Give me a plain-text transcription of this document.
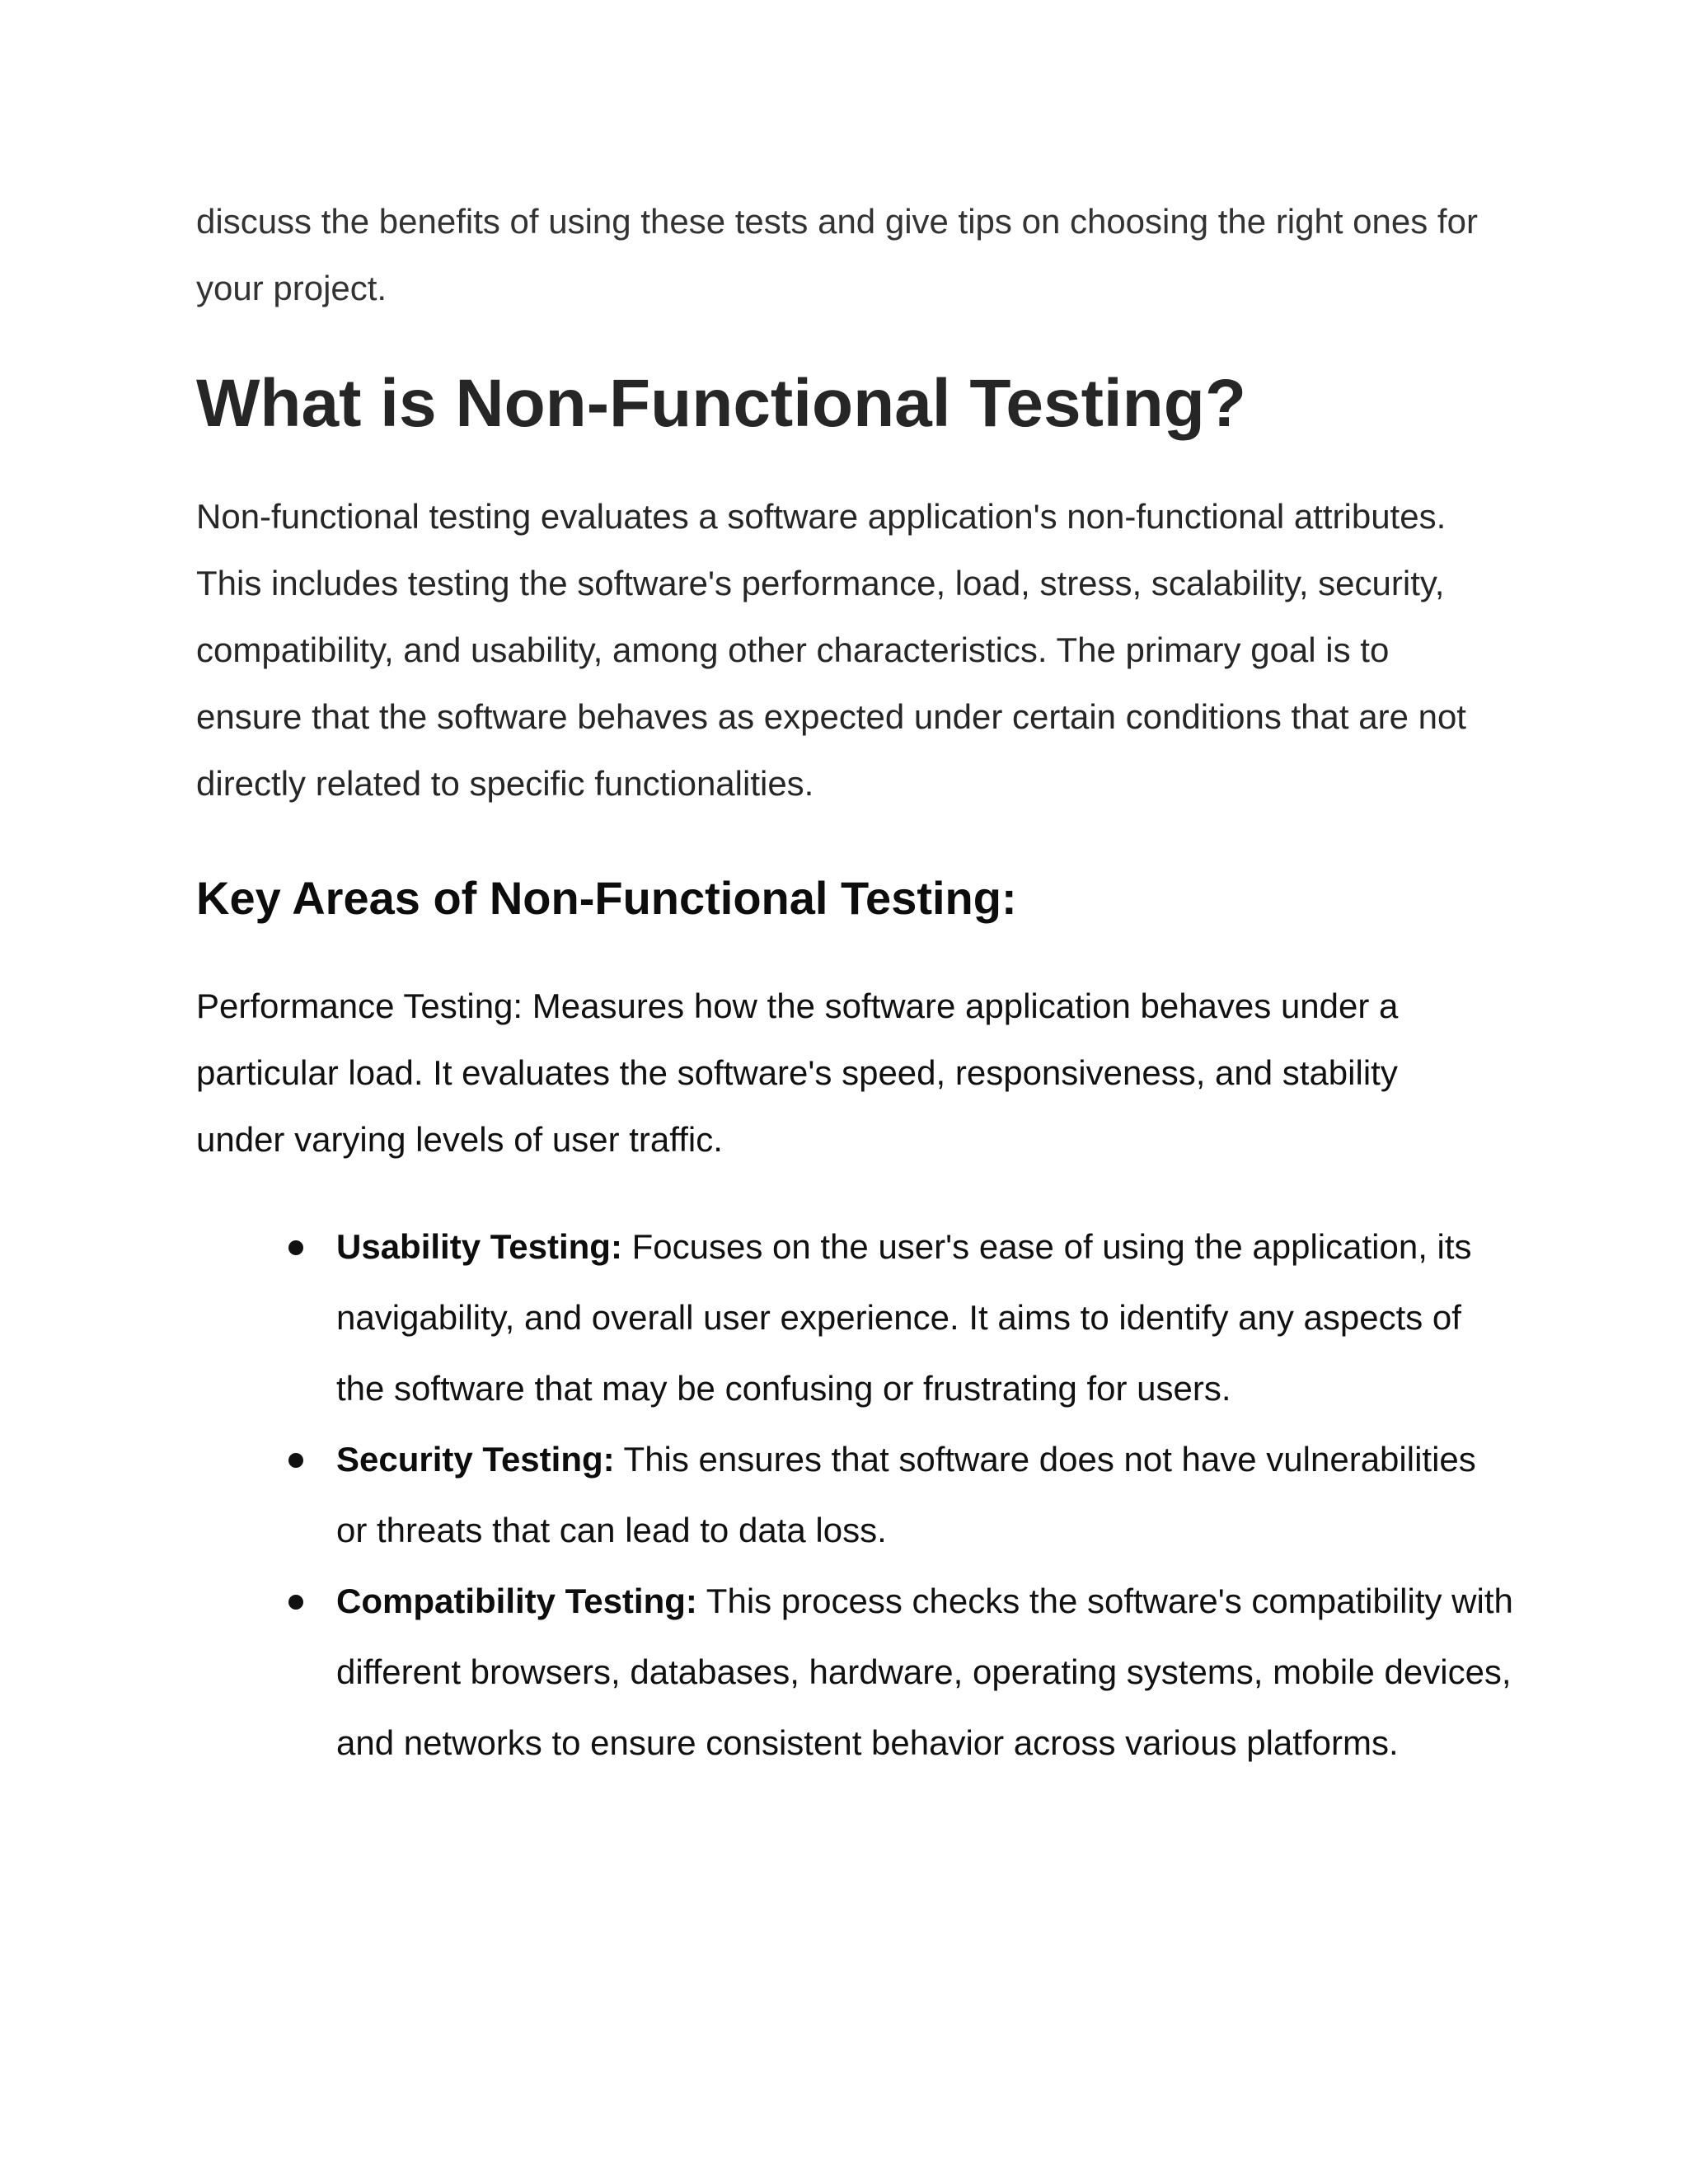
discuss the benefits of using these tests and give tips on choosing the right ones for your project.

What is Non-Functional Testing?

Non-functional testing evaluates a software application's non-functional attributes. This includes testing the software's performance, load, stress, scalability, security, compatibility, and usability, among other characteristics. The primary goal is to ensure that the software behaves as expected under certain conditions that are not directly related to specific functionalities.

Key Areas of Non-Functional Testing:

Performance Testing: Measures how the software application behaves under a particular load. It evaluates the software's speed, responsiveness, and stability under varying levels of user traffic.

Usability Testing: Focuses on the user's ease of using the application, its navigability, and overall user experience. It aims to identify any aspects of the software that may be confusing or frustrating for users.
Security Testing: This ensures that software does not have vulnerabilities or threats that can lead to data loss.
Compatibility Testing: This process checks the software's compatibility with different browsers, databases, hardware, operating systems, mobile devices, and networks to ensure consistent behavior across various platforms.
